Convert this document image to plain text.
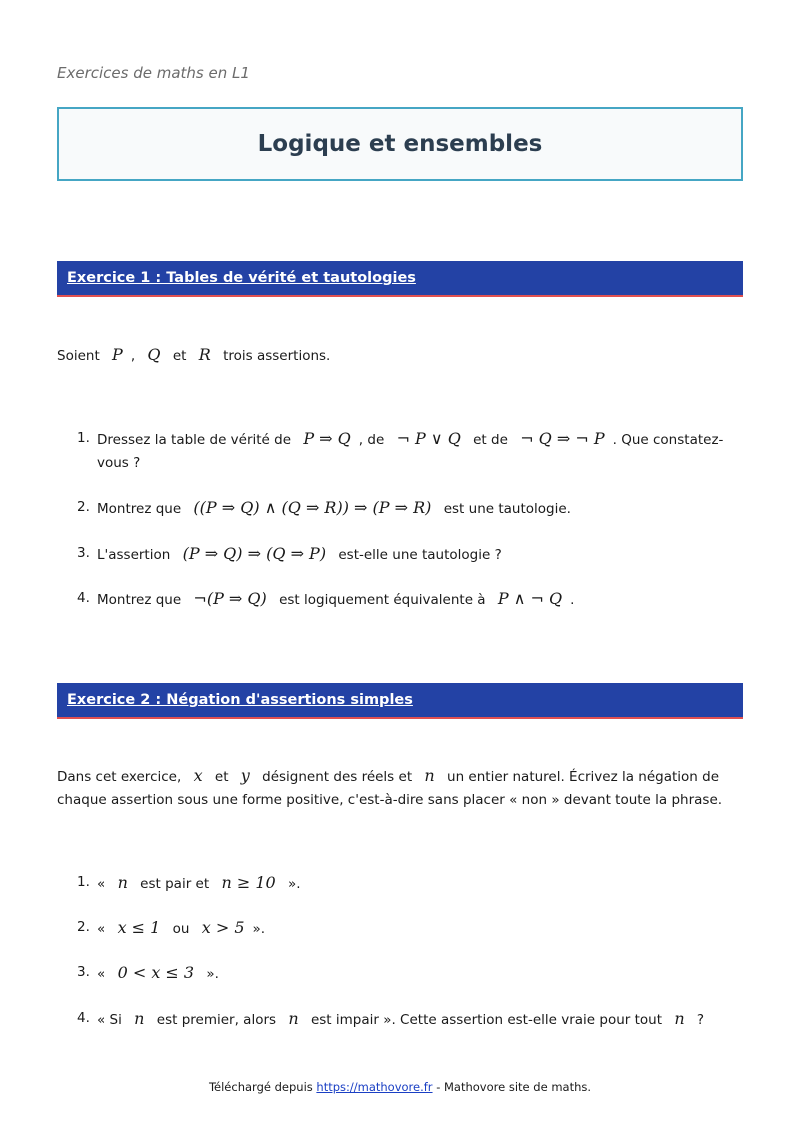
Exercices de maths en L1
Logique et ensembles
Exercice 1 : Tables de vérité et tautologies
Soient P , Q et R trois assertions.
1. Dressez la table de vérité de P ⇒ Q , de ¬ P ∨ Q et de ¬ Q ⇒ ¬ P . Que constatez-vous ?
2. Montrez que ((P ⇒ Q) ∧ (Q ⇒ R)) ⇒ (P ⇒ R) est une tautologie.
3. L'assertion (P ⇒ Q) ⇒ (Q ⇒ P) est-elle une tautologie ?
4. Montrez que ¬(P ⇒ Q) est logiquement équivalente à P ∧ ¬ Q .
Exercice 2 : Négation d'assertions simples
Dans cet exercice, x et y désignent des réels et n un entier naturel. Écrivez la négation de chaque assertion sous une forme positive, c'est-à-dire sans placer « non » devant toute la phrase.
1. « n est pair et n ≥ 10 ».
2. « x ≤ 1 ou x > 5 ».
3. « 0 < x ≤ 3 ».
4. « Si n est premier, alors n est impair ». Cette assertion est-elle vraie pour tout n ?
Téléchargé depuis https://mathovore.fr - Mathovore site de maths.
